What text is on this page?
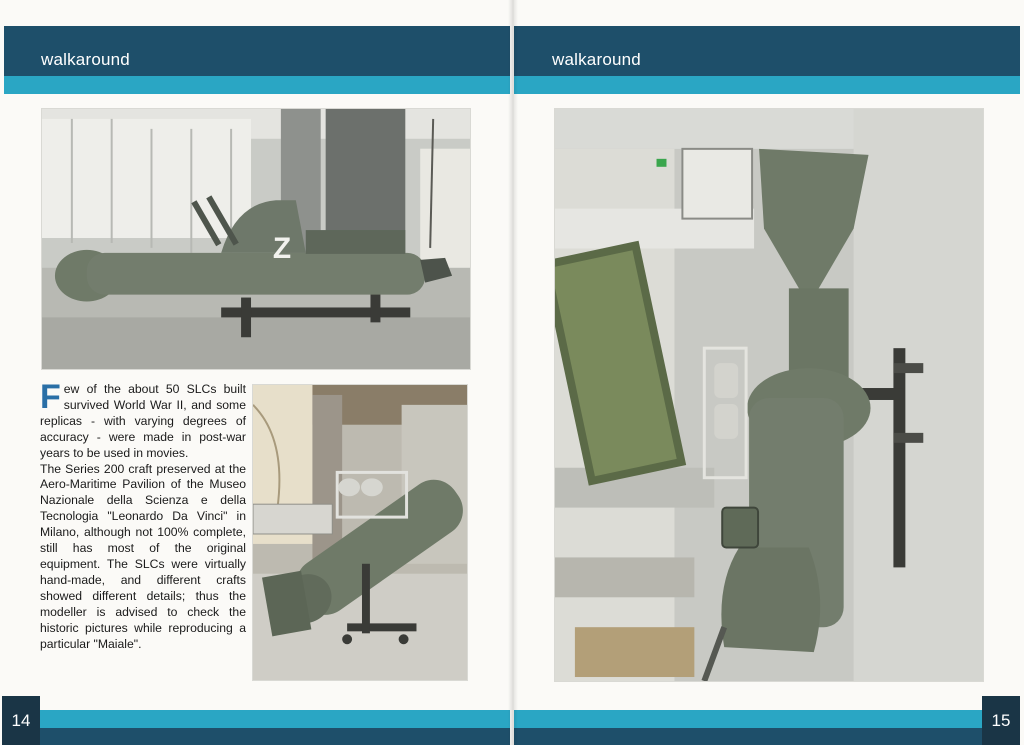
walkaround
Z

Few of the about 50 SLCs built survived World War II, and some replicas - with varying degrees of accuracy - were made in post-war years to be used in movies.

The Series 200 craft preserved at the Aero-Maritime Pavilion of the Museo Nazionale della Scienza e della Tecnologia "Leonardo Da Vinci" in Milano, although not 100% complete, still has most of the original equipment. The SLCs were virtually hand-made, and different crafts showed different details; thus the modeller is advised to check the historic pictures while reproducing a particular "Maiale".

14
walkaround
15
